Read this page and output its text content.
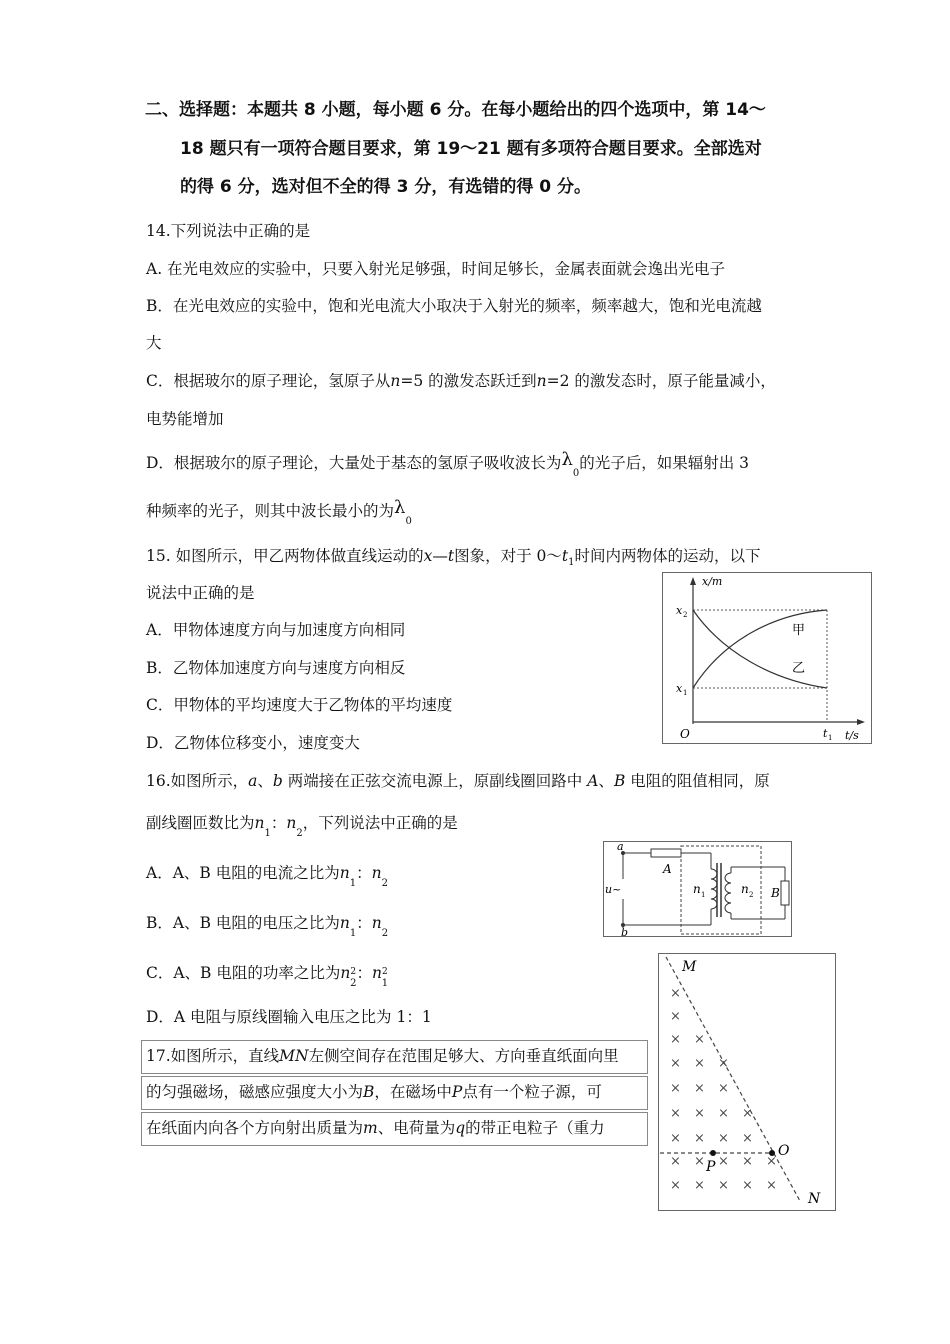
二、选择题：本题共 8 小题，每小题 6 分。在每小题给出的四个选项中，第 14～
18 题只有一项符合题目要求，第 19～21 题有多项符合题目要求。全部选对
的得 6 分，选对但不全的得 3 分，有选错的得 0 分。
14.下列说法中正确的是
A. 在光电效应的实验中，只要入射光足够强，时间足够长，金属表面就会逸出光电子
B．在光电效应的实验中，饱和光电流大小取决于入射光的频率，频率越大，饱和光电流越
大
C．根据玻尔的原子理论，氢原子从n=5 的激发态跃迁到n=2 的激发态时，原子能量减小，
电势能增加
D．根据玻尔的原子理论，大量处于基态的氢原子吸收波长为$\lambda_0$的光子后，如果辐射出 3
种频率的光子，则其中波长最小的为$\lambda_0$
15. 如图所示，甲乙两物体做直线运动的x—t图象，对于 $0\sim t_1$时间内两物体的运动，以下
说法中正确的是
A．甲物体速度方向与加速度方向相同
B．乙物体加速度方向与速度方向相反
C．甲物体的平均速度大于乙物体的平均速度
D．乙物体位移变小，速度变大
x/m
t/s
O
x 2
x 1
t 1
甲
乙
16.如图所示，a、b 两端接在正弦交流电源上，原副线圈回路中 A、B 电阻的阻值相同，原
副线圈匝数比为$n_1$：$n_2$，下列说法中正确的是
A．A、B 电阻的电流之比为$n_1$：$n_2$
B．A、B 电阻的电压之比为$n_1$：$n_2$
C．A、B 电阻的功率之比为$n^2_2$：$n^2_1$
D．A 电阻与原线圈输入电压之比为 1：1
a
b
u~
A
B
n 1	n 2
17.如图所示，直线MN左侧空间存在范围足够大、方向垂直纸面向里
的匀强磁场，磁感应强度大小为B，在磁场中P点有一个粒子源，可
在纸面内向各个方向射出质量为m、电荷量为q的带正电粒子（重力
×
×
× ×
× × ×
× × ×
× × × ×
× × × ×
× × × × ×
× × × × ×
M
N
O
P
